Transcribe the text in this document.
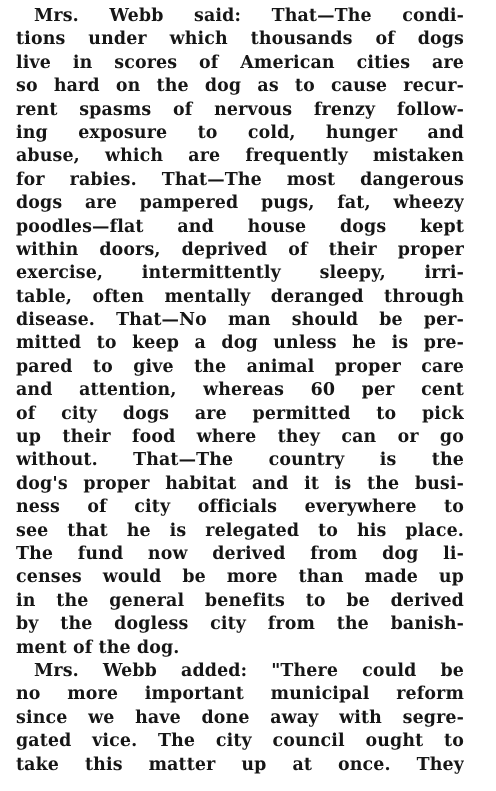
Mrs. Webb said: That—The condi-
tions under which thousands of dogs
live in scores of American cities are
so hard on the dog as to cause recur-
rent spasms of nervous frenzy follow-
ing exposure to cold, hunger and
abuse, which are frequently mistaken
for rabies. That—The most dangerous
dogs are pampered pugs, fat, wheezy
poodles—flat and house dogs kept
within doors, deprived of their proper
exercise, intermittently sleepy, irri-
table, often mentally deranged through
disease. That—No man should be per-
mitted to keep a dog unless he is pre-
pared to give the animal proper care
and attention, whereas 60 per cent
of city dogs are permitted to pick
up their food where they can or go
without. That—The country is the
dog's proper habitat and it is the busi-
ness of city officials everywhere to
see that he is relegated to his place.
The fund now derived from dog li-
censes would be more than made up
in the general benefits to be derived
by the dogless city from the banish-
ment of the dog.
Mrs. Webb added: "There could be
no more important municipal reform
since we have done away with segre-
gated vice. The city council ought to
take this matter up at once. They
